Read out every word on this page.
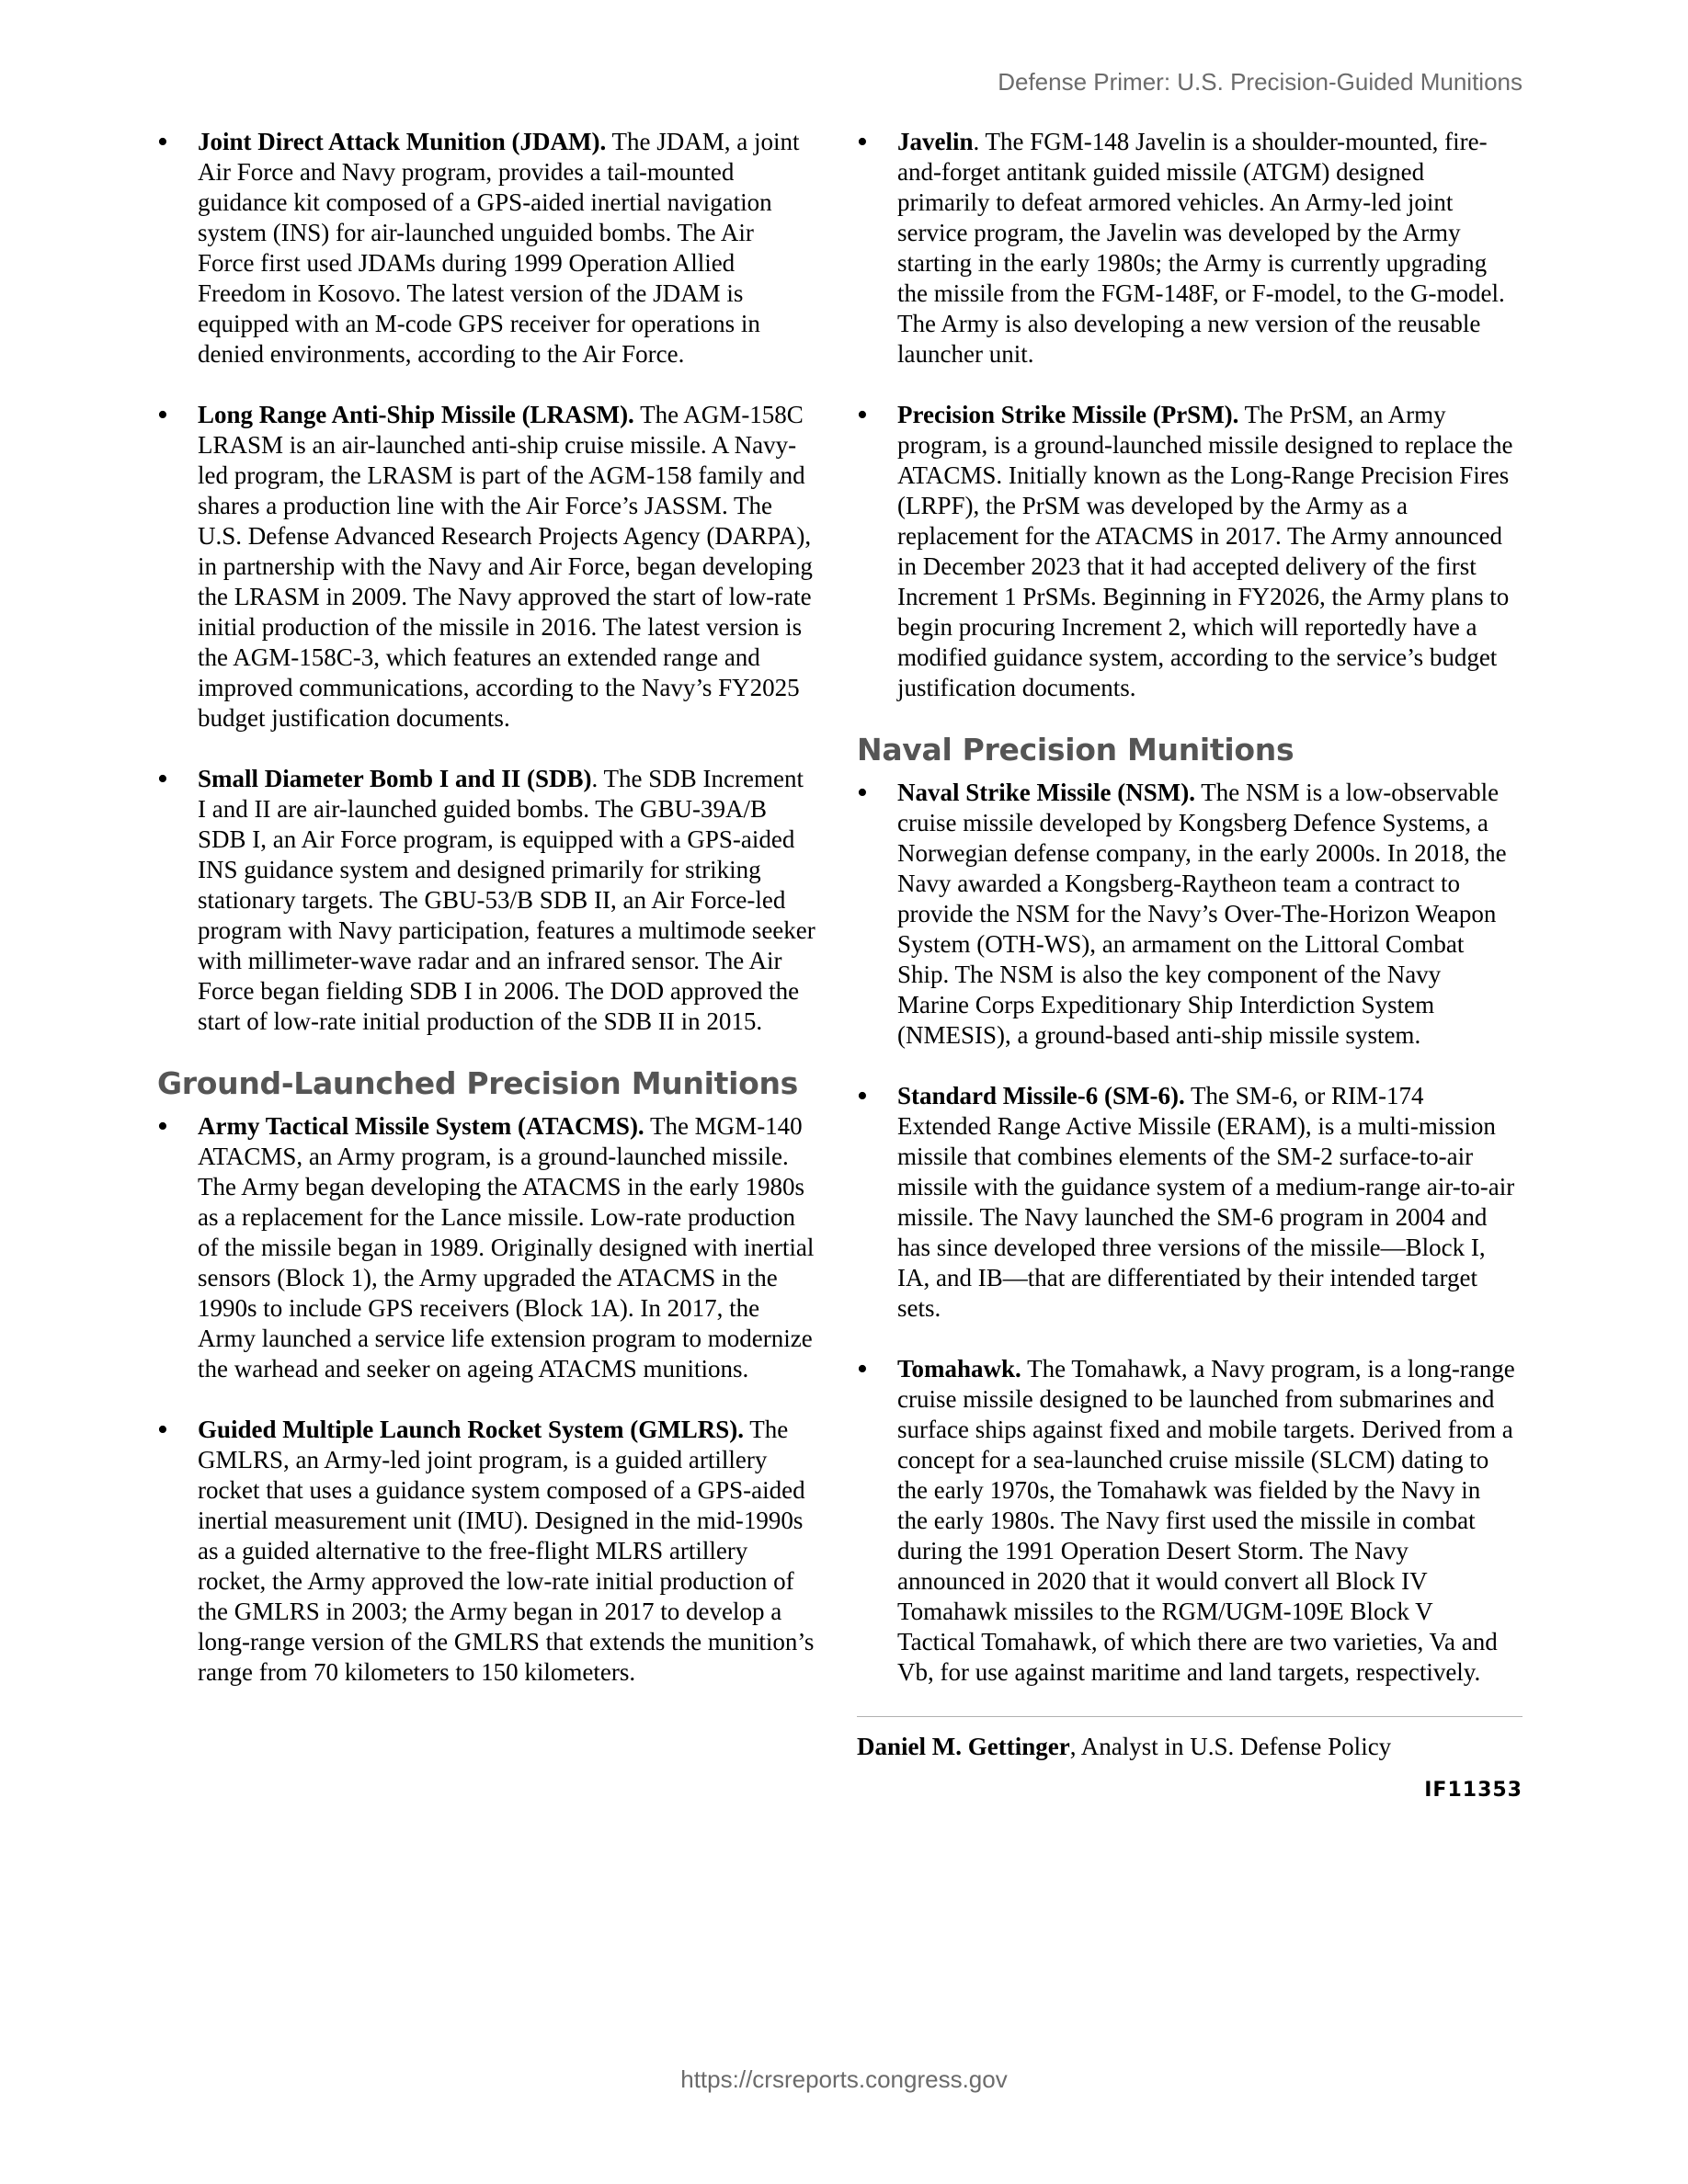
Defense Primer: U.S. Precision-Guided Munitions
• Joint Direct Attack Munition (JDAM). The JDAM, a joint Air Force and Navy program, provides a tail-mounted guidance kit composed of a GPS-aided inertial navigation system (INS) for air-launched unguided bombs. The Air Force first used JDAMs during 1999 Operation Allied Freedom in Kosovo. The latest version of the JDAM is equipped with an M-code GPS receiver for operations in denied environments, according to the Air Force.

• Long Range Anti-Ship Missile (LRASM). The AGM-158C LRASM is an air-launched anti-ship cruise missile. A Navy-led program, the LRASM is part of the AGM-158 family and shares a production line with the Air Force’s JASSM. The U.S. Defense Advanced Research Projects Agency (DARPA), in partnership with the Navy and Air Force, began developing the LRASM in 2009. The Navy approved the start of low-rate initial production of the missile in 2016. The latest version is the AGM-158C-3, which features an extended range and improved communications, according to the Navy’s FY2025 budget justification documents.

• Small Diameter Bomb I and II (SDB). The SDB Increment I and II are air-launched guided bombs. The GBU-39A/B SDB I, an Air Force program, is equipped with a GPS-aided INS guidance system and designed primarily for striking stationary targets. The GBU-53/B SDB II, an Air Force-led program with Navy participation, features a multimode seeker with millimeter-wave radar and an infrared sensor. The Air Force began fielding SDB I in 2006. The DOD approved the start of low-rate initial production of the SDB II in 2015.

Ground-Launched Precision Munitions
• Army Tactical Missile System (ATACMS). The MGM-140 ATACMS, an Army program, is a ground-launched missile. The Army began developing the ATACMS in the early 1980s as a replacement for the Lance missile. Low-rate production of the missile began in 1989. Originally designed with inertial sensors (Block 1), the Army upgraded the ATACMS in the 1990s to include GPS receivers (Block 1A). In 2017, the Army launched a service life extension program to modernize the warhead and seeker on ageing ATACMS munitions.

• Guided Multiple Launch Rocket System (GMLRS). The GMLRS, an Army-led joint program, is a guided artillery rocket that uses a guidance system composed of a GPS-aided inertial measurement unit (IMU). Designed in the mid-1990s as a guided alternative to the free-flight MLRS artillery rocket, the Army approved the low-rate initial production of the GMLRS in 2003; the Army began in 2017 to develop a long-range version of the GMLRS that extends the munition’s range from 70 kilometers to 150 kilometers.

• Javelin. The FGM-148 Javelin is a shoulder-mounted, fire-and-forget antitank guided missile (ATGM) designed primarily to defeat armored vehicles. An Army-led joint service program, the Javelin was developed by the Army starting in the early 1980s; the Army is currently upgrading the missile from the FGM-148F, or F-model, to the G-model. The Army is also developing a new version of the reusable launcher unit.

• Precision Strike Missile (PrSM). The PrSM, an Army program, is a ground-launched missile designed to replace the ATACMS. Initially known as the Long-Range Precision Fires (LRPF), the PrSM was developed by the Army as a replacement for the ATACMS in 2017. The Army announced in December 2023 that it had accepted delivery of the first Increment 1 PrSMs. Beginning in FY2026, the Army plans to begin procuring Increment 2, which will reportedly have a modified guidance system, according to the service’s budget justification documents.

Naval Precision Munitions
• Naval Strike Missile (NSM). The NSM is a low-observable cruise missile developed by Kongsberg Defence Systems, a Norwegian defense company, in the early 2000s. In 2018, the Navy awarded a Kongsberg-Raytheon team a contract to provide the NSM for the Navy’s Over-The-Horizon Weapon System (OTH-WS), an armament on the Littoral Combat Ship. The NSM is also the key component of the Navy Marine Corps Expeditionary Ship Interdiction System (NMESIS), a ground-based anti-ship missile system.

• Standard Missile-6 (SM-6). The SM-6, or RIM-174 Extended Range Active Missile (ERAM), is a multi-mission missile that combines elements of the SM-2 surface-to-air missile with the guidance system of a medium-range air-to-air missile. The Navy launched the SM-6 program in 2004 and has since developed three versions of the missile—Block I, IA, and IB—that are differentiated by their intended target sets.

• Tomahawk. The Tomahawk, a Navy program, is a long-range cruise missile designed to be launched from submarines and surface ships against fixed and mobile targets. Derived from a concept for a sea-launched cruise missile (SLCM) dating to the early 1970s, the Tomahawk was fielded by the Navy in the early 1980s. The Navy first used the missile in combat during the 1991 Operation Desert Storm. The Navy announced in 2020 that it would convert all Block IV Tomahawk missiles to the RGM/UGM-109E Block V Tactical Tomahawk, of which there are two varieties, Va and Vb, for use against maritime and land targets, respectively.

Daniel M. Gettinger, Analyst in U.S. Defense Policy
IF11353
https://crsreports.congress.gov
